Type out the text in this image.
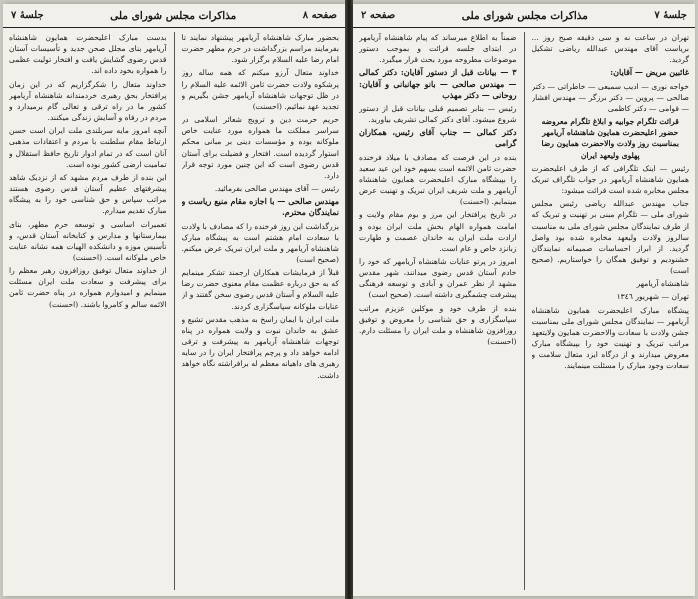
صفحه ٨
مذاکرات مجلس شورای ملی
جلسهٔ ٧

بحضور مبارک شاهنشاه آریامهر پیشنهاد نمایند تا بفرمایند مراسم بزرگداشت در حرم مطهر حضرت امام رضا علیه السلام برگزار شود.

خداوند متعال آرزو میکنم که همه ساله روز پرشکوه ولادت حضرت ثامن الائمه علیه السلام را در ظل توجهات شاهنشاه آریامهر جشن بگیریم و تجدید عهد نمائیم. (احسنت)

حریم حرمت دین و ترویج شعائر اسلامی در سراسر مملکت ما همواره مورد عنایت خاص ملوکانه بوده و مؤسسات دینی بر مبانی محکم استوار گردیده است. افتخار و فضیلت برای آستان قدس رضوی است که این چنین مورد توجه قرار دارد.

رئیس — آقای مهندس صالحی بفرمائید.

مهندس صالحی — با اجازه مقام منیع ریاست و نمایندگان محترم.

بزرگداشت این روز فرخنده را که مصادف با ولادت با سعادت امام هشتم است به پیشگاه مبارک شاهنشاه آریامهر و ملت ایران تبریک عرض میکنم. (صحیح است)

قبلاً از فرمایشات همکاران ارجمند تشکر مینمایم که به حق درباره عظمت مقام معنوی حضرت رضا علیه السلام و آستان قدس رضوی سخن گفتند و از عنایات ملوکانه سپاسگزاری کردند.

ملت ایران با ایمان راسخ به مذهب مقدس تشیع و عشق به خاندان نبوت و ولایت همواره در پناه توجهات شاهنشاه آریامهر به پیشرفت و ترقی ادامه خواهد داد و پرچم پرافتخار ایران را در سایه رهبری های داهیانه معظم له برافراشته نگاه خواهد داشت.

بدست مبارک اعلیحضرت همایون شاهنشاه آریامهر بنای مجلل صحن جدید و تأسیسات آستان قدس رضوی گشایش یافت و افتخار تولیت عظمی را همواره بخود داده اند.

خداوند متعال را شکرگزاریم که در این زمان پرافتخار بحق رهبری خردمندانه شاهنشاه آریامهر کشور ما در راه ترقی و تعالی گام برمیدارد و مردم در رفاه و آسایش زندگی میکنند.

آنچه امروز مایه سربلندی ملت ایران است حسن ارتباط مقام سلطنت با مردم و اعتقادات مذهبی آنان است که در تمام ادوار تاریخ حافظ استقلال و تمامیت ارضی کشور بوده است.

این بنده از طرف مردم مشهد که از نزدیک شاهد پیشرفتهای عظیم آستان قدس رضوی هستند مراتب سپاس و حق شناسی خود را به پیشگاه مبارک تقدیم میدارم.

تعمیرات اساسی و توسعه حرم مطهر، بنای بیمارستانها و مدارس و کتابخانه آستان قدس، و تأسیس موزه و دانشکده الهیات همه نشانه عنایت خاص ملوکانه است. (احسنت)

از خداوند متعال توفیق روزافزون رهبر معظم را برای پیشرفت و سعادت ملت ایران مسئلت مینمایم و امیدوارم همواره در پناه حضرت ثامن الائمه سالم و کامروا باشند. (احسنت)

جلسهٔ ٧
مذاکرات مجلس شورای ملی
صفحه ٢

تهران در ساعت نه و سی دقیقه صبح روز ... بریاست آقای مهندس عبدالله ریاضی تشکیل گردید.

غائبین مریض — آقایان:

خواجه نوری — ادیب سمیعی — خاطراتی — دکتر صالحی — پروین — دکتر برزگر — مهندس افشار — قوامی — دکتر کاظمی

قرائت تلگرام جوابیه و ابلاغ تلگرام معروضه حضور اعلیحضرت همایون شاهنشاه آریامهر بمناسبت روز ولادت والاحضرت همایون رضا پهلوی ولیعهد ایران

رئیس — اینک تلگرافی که از طرف اعلیحضرت همایون شاهنشاه آریامهر در جواب تلگراف تبریک مجلس مخابره شده است قرائت میشود:

جناب مهندس عبدالله ریاضی رئیس مجلس شورای ملی — تلگرام مبنی بر تهنیت و تبریک که از طرف نمایندگان مجلس شورای ملی به مناسبت سالروز ولادت ولیعهد مخابره شده بود واصل گردید. از ابراز احساسات صمیمانه نمایندگان خشنودیم و توفیق همگان را خواستاریم. (صحیح است)

شاهنشاه آریامهر

تهران — شهریور ١٣٤٦

پیشگاه مبارک اعلیحضرت همایون شاهنشاه آریامهر — نمایندگان مجلس شورای ملی بمناسبت جشن ولادت با سعادت والاحضرت همایون ولایتعهد مراتب تبریک و تهنیت خود را بپیشگاه مبارک معروض میدارند و از درگاه ایزد متعال سلامت و سعادت وجود مبارک را مسئلت مینمایند.

ضمناً به اطلاع میرساند که پیام شاهنشاه آریامهر در ابتدای جلسه قرائت و بموجب دستور موضوعات مطروحه مورد بحث قرار میگیرد.

٣ — بیانات قبل از دستور آقایان: دکتر کمالی — مهندس صالحی — بانو جهانبانی و آقایان: روحانی — دکتر مهذب

رئیس — بنابر تصمیم قبلی بیانات قبل از دستور شروع میشود. آقای دکتر کمالی تشریف بیاورید.

دکتر کمالی — جناب آقای رئیس، همکاران گرامی

بنده در این فرصت که مصادف با میلاد فرخنده حضرت ثامن الائمه است بسهم خود این عید سعید را بپیشگاه مبارک اعلیحضرت همایون شاهنشاه آریامهر و ملت شریف ایران تبریک و تهنیت عرض مینمایم. (احسنت)

در تاریخ پرافتخار این مرز و بوم مقام ولایت و امامت همواره الهام بخش ملت ایران بوده و ارادت ملت ایران به خاندان عصمت و طهارت زبانزد خاص و عام است.

امروز در پرتو عنایات شاهنشاه آریامهر که خود را خادم آستان قدس رضوی میدانند، شهر مقدس مشهد از نظر عمران و آبادی و توسعه فرهنگی پیشرفت چشمگیری داشته است. (صحیح است)

بنده از طرف خود و موکلین عزیزم مراتب سپاسگزاری و حق شناسی را معروض و توفیق روزافزون شاهنشاه و ملت ایران را مسئلت دارم. (احسنت)
